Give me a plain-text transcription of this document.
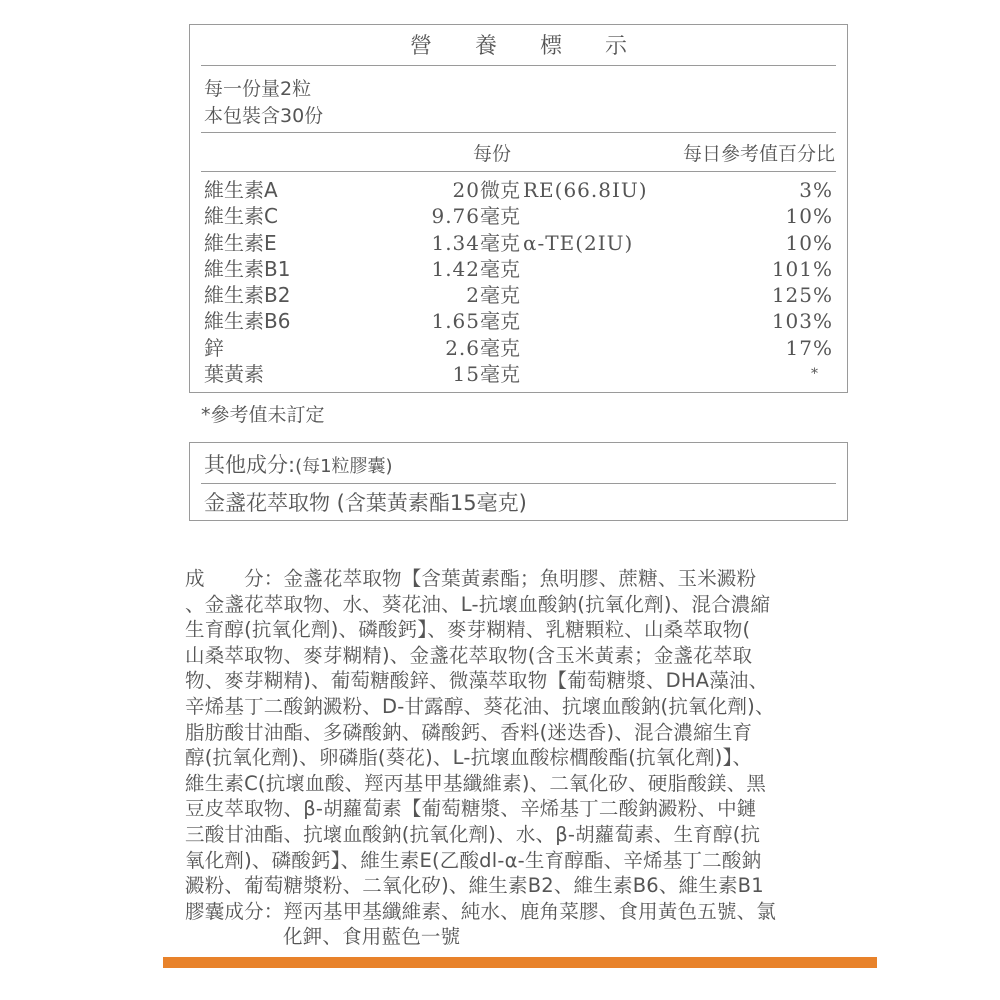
營 養 標 示
每一份量2粒
本包裝含30份
每份	每日參考值百分比
維生素A	20微克 RE(66.8IU)	3%
維生素C	9.76毫克	10%
維生素E	1.34毫克 α-TE(2IU)	10%
維生素B1	1.42毫克	101%
維生素B2	2毫克	125%
維生素B6	1.65毫克	103%
鋅	2.6毫克	17%
葉黃素	15毫克	*
*參考值未訂定
其他成分:(每1粒膠囊)
金盞花萃取物 (含葉黃素酯15毫克)
成　　分：金盞花萃取物【含葉黃素酯；魚明膠、蔗糖、玉米澱粉
、金盞花萃取物、水、葵花油、L-抗壞血酸鈉(抗氧化劑)、混合濃縮
生育醇(抗氧化劑)、磷酸鈣】、麥芽糊精、乳糖顆粒、山桑萃取物(
山桑萃取物、麥芽糊精)、金盞花萃取物(含玉米黃素；金盞花萃取
物、麥芽糊精)、葡萄糖酸鋅、微藻萃取物【葡萄糖漿、DHA藻油、
辛烯基丁二酸鈉澱粉、D-甘露醇、葵花油、抗壞血酸鈉(抗氧化劑)、
脂肪酸甘油酯、多磷酸鈉、磷酸鈣、香料(迷迭香)、混合濃縮生育
醇(抗氧化劑)、卵磷脂(葵花)、L-抗壞血酸棕櫚酸酯(抗氧化劑)】、
維生素C(抗壞血酸、羥丙基甲基纖維素)、二氧化矽、硬脂酸鎂、黑
豆皮萃取物、β-胡蘿蔔素【葡萄糖漿、辛烯基丁二酸鈉澱粉、中鏈
三酸甘油酯、抗壞血酸鈉(抗氧化劑)、水、β-胡蘿蔔素、生育醇(抗
氧化劑)、磷酸鈣】、維生素E(乙酸dl-α-生育醇酯、辛烯基丁二酸鈉
澱粉、葡萄糖漿粉、二氧化矽)、維生素B2、維生素B6、維生素B1
膠囊成分：羥丙基甲基纖維素、純水、鹿角菜膠、食用黃色五號、氯
化鉀、食用藍色一號
